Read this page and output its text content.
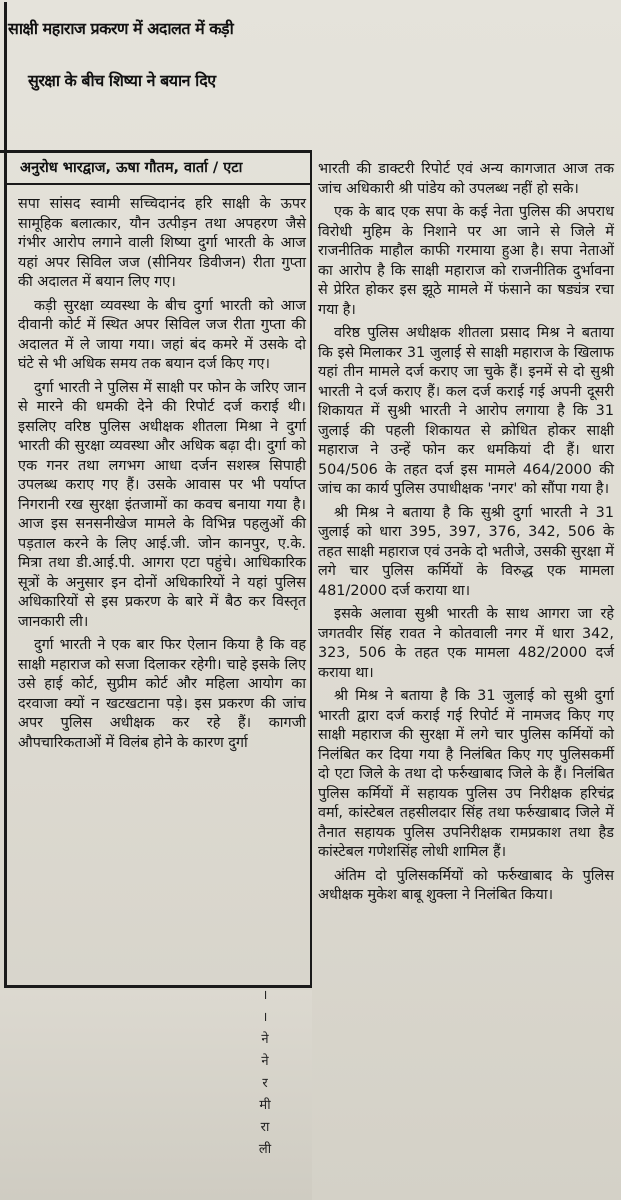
साक्षी महाराज प्रकरण में अदालत में कड़ी
सुरक्षा के बीच शिष्या ने बयान दिए
अनुरोध भारद्वाज, ऊषा गौतम, वार्ता / एटा

सपा सांसद स्वामी सच्चिदानंद हरि साक्षी के ऊपर सामूहिक बलात्कार, यौन उत्पीड़न तथा अपहरण जैसे गंभीर आरोप लगाने वाली शिष्या दुर्गा भारती के आज यहां अपर सिविल जज (सीनियर डिवीजन) रीता गुप्ता की अदालत में बयान लिए गए।

कड़ी सुरक्षा व्यवस्था के बीच दुर्गा भारती को आज दीवानी कोर्ट में स्थित अपर सिविल जज रीता गुप्ता की अदालत में ले जाया गया। जहां बंद कमरे में उसके दो घंटे से भी अधिक समय तक बयान दर्ज किए गए।

दुर्गा भारती ने पुलिस में साक्षी पर फोन के जरिए जान से मारने की धमकी देने की रिपोर्ट दर्ज कराई थी। इसलिए वरिष्ठ पुलिस अधीक्षक शीतला मिश्रा ने दुर्गा भारती की सुरक्षा व्यवस्था और अधिक बढ़ा दी। दुर्गा को एक गनर तथा लगभग आधा दर्जन सशस्त्र सिपाही उपलब्ध कराए गए हैं। उसके आवास पर भी पर्याप्त निगरानी रख सुरक्षा इंतजामों का कवच बनाया गया है। आज इस सनसनीखेज मामले के विभिन्न पहलुओं की पड़ताल करने के लिए आई.जी. जोन कानपुर, ए.के. मित्रा तथा डी.आई.पी. आगरा एटा पहुंचे। आधिकारिक सूत्रों के अनुसार इन दोनों अधिकारियों ने यहां पुलिस अधिकारियों से इस प्रकरण के बारे में बैठ कर विस्तृत जानकारी ली।

दुर्गा भारती ने एक बार फिर ऐलान किया है कि वह साक्षी महाराज को सजा दिलाकर रहेगी। चाहे इसके लिए उसे हाई कोर्ट, सुप्रीम कोर्ट और महिला आयोग का दरवाजा क्यों न खटखटाना पड़े। इस प्रकरण की जांच अपर पुलिस अधीक्षक कर रहे हैं। कागजी औपचारिकताओं में विलंब होने के कारण दुर्गा

।
।
ने
ने
र
मी
रा
ली

भारती की डाक्टरी रिपोर्ट एवं अन्य कागजात आज तक जांच अधिकारी श्री पांडेय को उपलब्ध नहीं हो सके।

एक के बाद एक सपा के कई नेता पुलिस की अपराध विरोधी मुहिम के निशाने पर आ जाने से जिले में राजनीतिक माहौल काफी गरमाया हुआ है। सपा नेताओं का आरोप है कि साक्षी महाराज को राजनीतिक दुर्भावना से प्रेरित होकर इस झूठे मामले में फंसाने का षड्यंत्र रचा गया है।

वरिष्ठ पुलिस अधीक्षक शीतला प्रसाद मिश्र ने बताया कि इसे मिलाकर 31 जुलाई से साक्षी महाराज के खिलाफ यहां तीन मामले दर्ज कराए जा चुके हैं। इनमें से दो सुश्री भारती ने दर्ज कराए हैं। कल दर्ज कराई गई अपनी दूसरी शिकायत में सुश्री भारती ने आरोप लगाया है कि 31 जुलाई की पहली शिकायत से क्रोधित होकर साक्षी महाराज ने उन्हें फोन कर धमकियां दी हैं। धारा 504/506 के तहत दर्ज इस मामले 464/2000 की जांच का कार्य पुलिस उपाधीक्षक 'नगर' को सौंपा गया है।

श्री मिश्र ने बताया है कि सुश्री दुर्गा भारती ने 31 जुलाई को धारा 395, 397, 376, 342, 506 के तहत साक्षी महाराज एवं उनके दो भतीजे, उसकी सुरक्षा में लगे चार पुलिस कर्मियों के विरुद्ध एक मामला 481/2000 दर्ज कराया था।

इसके अलावा सुश्री भारती के साथ आगरा जा रहे जगतवीर सिंह रावत ने कोतवाली नगर में धारा 342, 323, 506 के तहत एक मामला 482/2000 दर्ज कराया था।

श्री मिश्र ने बताया है कि 31 जुलाई को सुश्री दुर्गा भारती द्वारा दर्ज कराई गई रिपोर्ट में नामजद किए गए साक्षी महाराज की सुरक्षा में लगे चार पुलिस कर्मियों को निलंबित कर दिया गया है निलंबित किए गए पुलिसकर्मी दो एटा जिले के तथा दो फर्रुखाबाद जिले के हैं। निलंबित पुलिस कर्मियों में सहायक पुलिस उप निरीक्षक हरिचंद्र वर्मा, कांस्टेबल तहसीलदार सिंह तथा फर्रुखाबाद जिले में तैनात सहायक पुलिस उपनिरीक्षक रामप्रकाश तथा हैड कांस्टेबल गणेशसिंह लोधी शामिल हैं।

अंतिम दो पुलिसकर्मियों को फर्रुखाबाद के पुलिस अधीक्षक मुकेश बाबू शुक्ला ने निलंबित किया।
